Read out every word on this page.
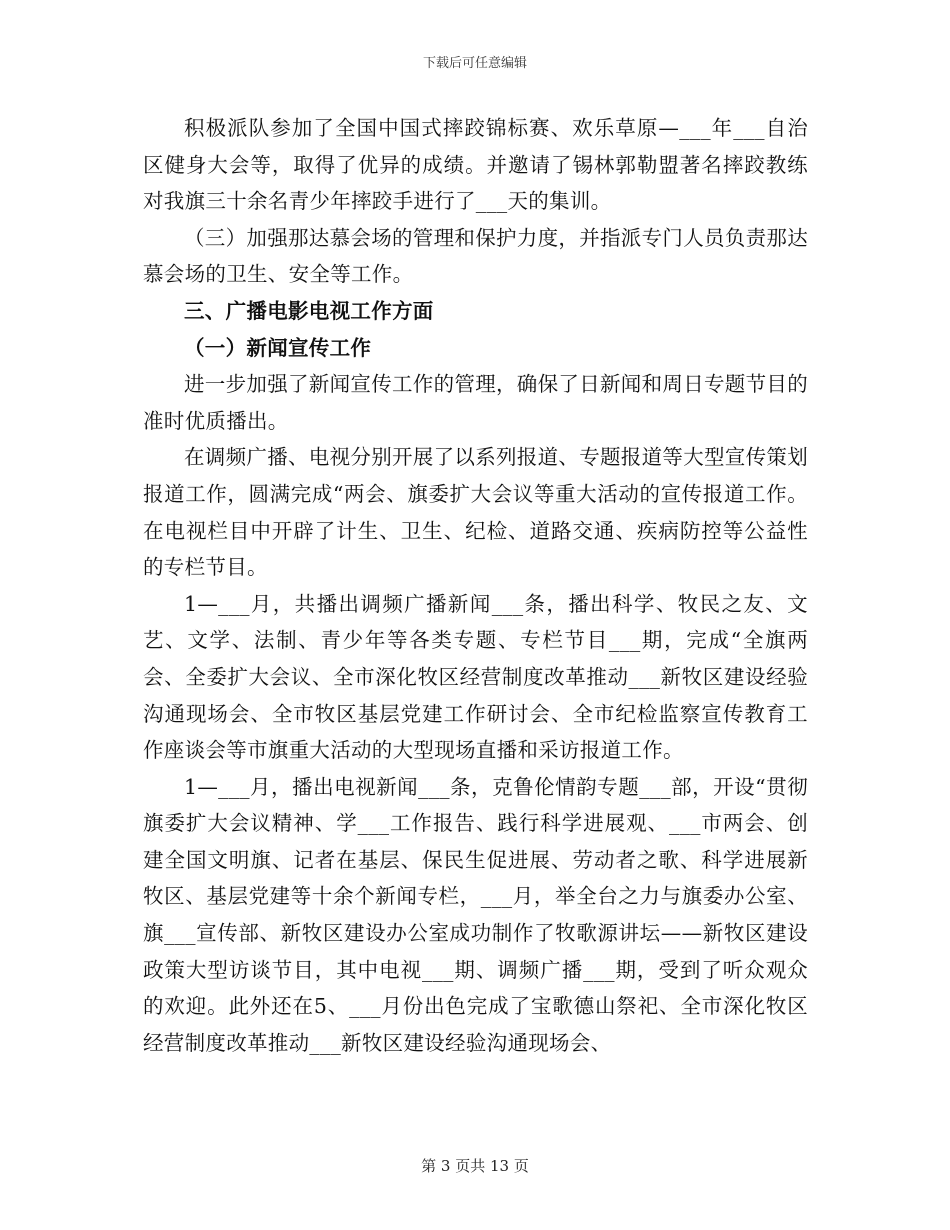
下载后可任意编辑

积极派队参加了全国中国式摔跤锦标赛、欢乐草原—___年___自治区健身大会等，取得了优异的成绩。并邀请了锡林郭勒盟著名摔跤教练对我旗三十余名青少年摔跤手进行了___天的集训。

（三）加强那达慕会场的管理和保护力度，并指派专门人员负责那达慕会场的卫生、安全等工作。

三、广播电影电视工作方面

（一）新闻宣传工作

进一步加强了新闻宣传工作的管理，确保了日新闻和周日专题节目的准时优质播出。

在调频广播、电视分别开展了以系列报道、专题报道等大型宣传策划报道工作，圆满完成“两会、旗委扩大会议等重大活动的宣传报道工作。在电视栏目中开辟了计生、卫生、纪检、道路交通、疾病防控等公益性的专栏节目。

1—___月，共播出调频广播新闻___条，播出科学、牧民之友、文艺、文学、法制、青少年等各类专题、专栏节目___期，完成“全旗两会、全委扩大会议、全市深化牧区经营制度改革推动___新牧区建设经验沟通现场会、全市牧区基层党建工作研讨会、全市纪检监察宣传教育工作座谈会等市旗重大活动的大型现场直播和采访报道工作。

1—___月，播出电视新闻___条，克鲁伦情韵专题___部，开设“贯彻旗委扩大会议精神、学___工作报告、践行科学进展观、___市两会、创建全国文明旗、记者在基层、保民生促进展、劳动者之歌、科学进展新牧区、基层党建等十余个新闻专栏，___月，举全台之力与旗委办公室、旗___宣传部、新牧区建设办公室成功制作了牧歌源讲坛——新牧区建设政策大型访谈节目，其中电视___期、调频广播___期，受到了听众观众的欢迎。此外还在5、___月份出色完成了宝歌德山祭祀、全市深化牧区经营制度改革推动___新牧区建设经验沟通现场会、

第 3 页共 13 页
